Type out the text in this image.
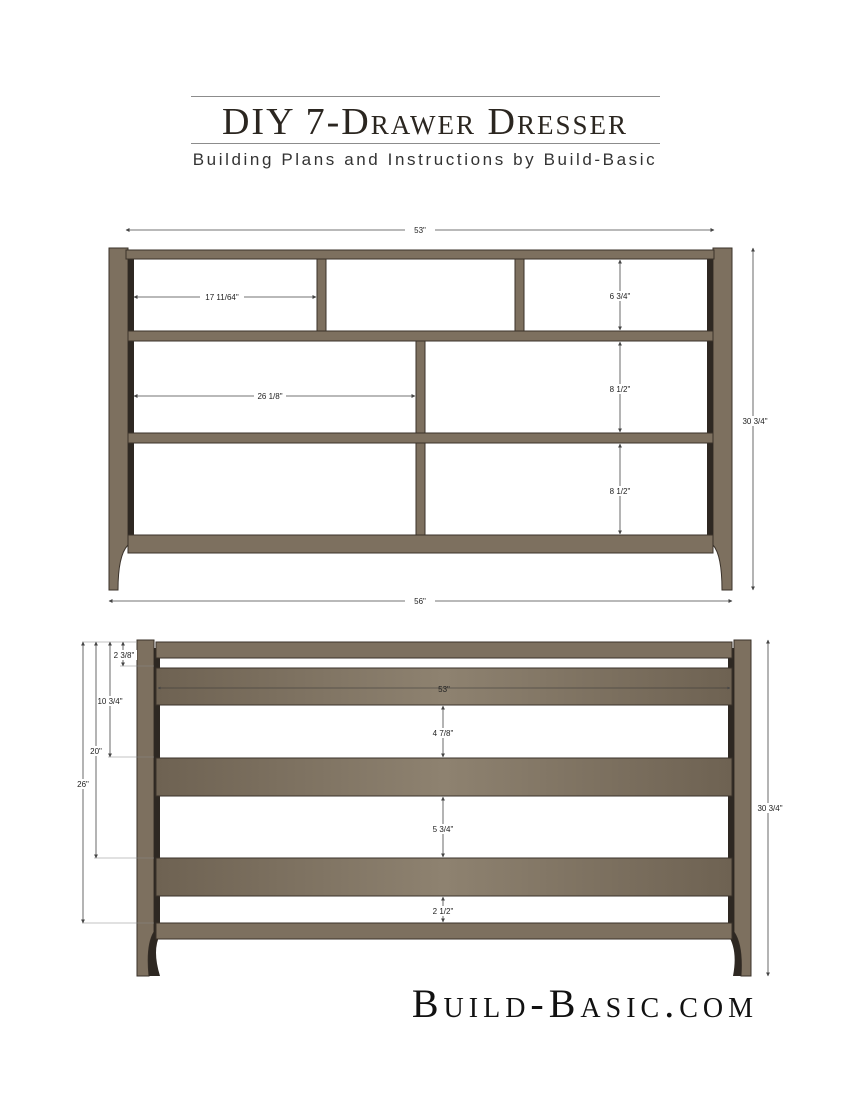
DIY 7-Drawer Dresser
Building Plans and Instructions by Build-Basic
53"
56"
30 3/4"
17 11/64"
26 1/8"
6 3/4"
8 1/2"
8 1/2"
53"
30 3/4"
2 3/8"
10 3/4"
20"
26"
4 7/8"
5 3/4"
2 1/2"
Build-Basic.com
